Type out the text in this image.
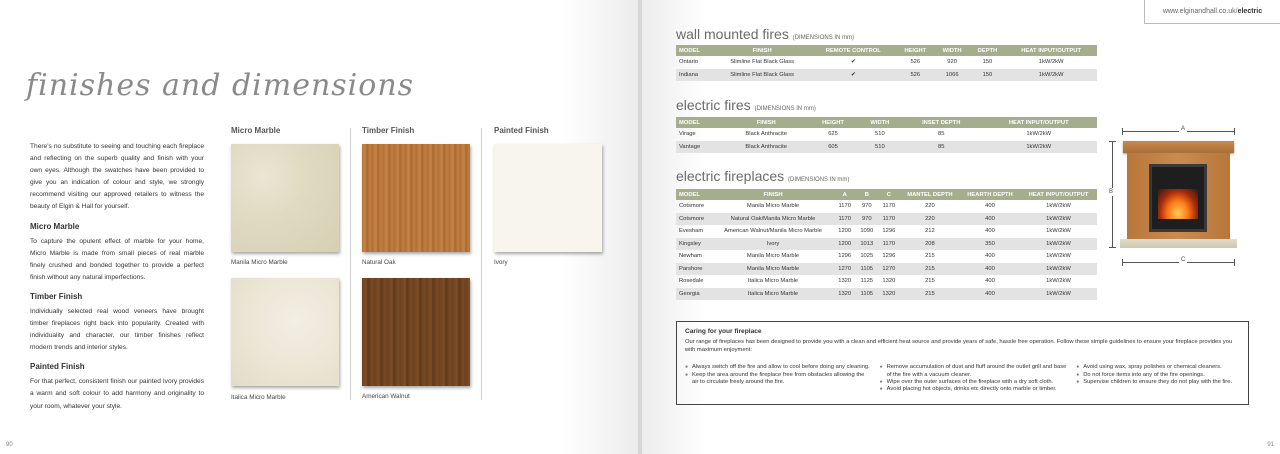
finishes and dimensions

There's no substitute to seeing and touching each fireplace and reflecting on the superb quality and finish with your own eyes. Although the swatches have been provided to give you an indication of colour and style, we strongly recommend visiting our approved retailers to witness the beauty of Elgin & Hall for yourself.

Micro Marble

To capture the opulent effect of marble for your home, Micro Marble is made from small pieces of real marble finely crushed and bonded together to provide a perfect finish without any natural imperfections.

Timber Finish

Individually selected real wood veneers have brought timber fireplaces right back into popularity. Created with individuality and character, our timber finishes reflect modern trends and interior styles.

Painted Finish

For that perfect, consistent finish our painted Ivory provides a warm and soft colour to add harmony and originality to your room, whatever your style.

Micro Marble	Timber Finish	Painted Finish
Manila Micro Marble
Italica Micro Marble
Natural Oak
American Walnut
Ivory
90
www.elginandhall.co.uk/ electric
wall mounted fires (DIMENSIONS IN mm)
MODEL	FINISH	REMOTE CONTROL	HEIGHT	WIDTH	DEPTH	HEAT INPUT/OUTPUT
Ontario	Slimline Flat Black Glass	✔	526	920	150	1kW/2kW
Indiana	Slimline Flat Black Glass	✔	526	1066	150	1kW/2kW
electric fires (DIMENSIONS IN mm)
MODEL	FINISH	HEIGHT	WIDTH	INSET DEPTH	HEAT INPUT/OUTPUT
Virage	Black Anthracite	625	510	85	1kW/2kW
Vantage	Black Anthracite	605	510	85	1kW/2kW
electric fireplaces (DIMENSIONS IN mm)
MODEL	FINISH	A	B	C	MANTEL DEPTH	HEARTH DEPTH	HEAT INPUT/OUTPUT
Cotsmore	Manila Micro Marble	1170	970	1170	220	400	1kW/2kW
Cotsmore	Natural Oak/Manila Micro Marble	1170	970	1170	220	400	1kW/2kW
Evesham	American Walnut/Manila Micro Marble	1200	1090	1296	212	400	1kW/2kW
Kingsley	Ivory	1200	1013	1170	208	350	1kW/2kW
Newham	Manila Micro Marble	1296	1025	1296	215	400	1kW/2kW
Parshore	Manila Micro Marble	1270	1105	1270	215	400	1kW/2kW
Rosedale	Italica Micro Marble	1320	1125	1320	215	400	1kW/2kW
Georgia	Italica Micro Marble	1320	1105	1320	215	400	1kW/2kW
A
B
C
Caring for your fireplace
Our range of fireplaces has been designed to provide you with a clean and efficient heat source and provide years of safe, hassle free operation. Follow these simple guidelines to ensure your fireplace provides you with maximum enjoyment:
● Always switch off the fire and allow to cool before doing any cleaning.
● Keep the area around the fireplace free from obstacles allowing the air to circulate freely around the fire.
● Remove accumulation of dust and fluff around the outlet grill and base of the fire with a vacuum cleaner.
● Wipe over the outer surfaces of the fireplace with a dry soft cloth.
● Avoid placing hot objects, drinks etc directly onto marble or timber.
● Avoid using wax, spray polishes or chemical cleaners.
● Do not force items into any of the fire openings.
● Supervise children to ensure they do not play with the fire.
91
